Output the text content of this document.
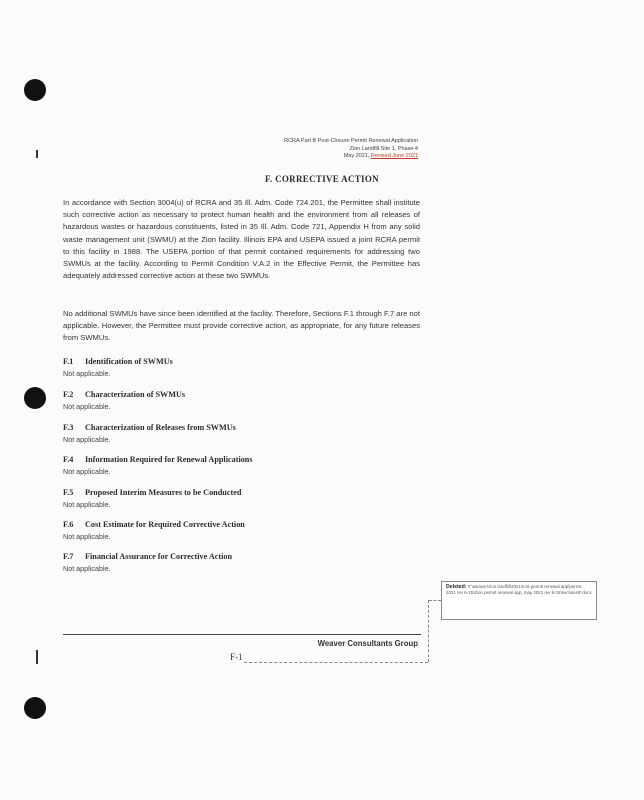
RCRA Part B Post-Closure Permit Renewal Application
Zion Landfill Site 1, Phase 4
May 2021, Revised June 2021
F. CORRECTIVE ACTION
In accordance with Section 3004(u) of RCRA and 35 Ill. Adm. Code 724.201, the Permittee shall institute such corrective action as necessary to protect human health and the environment from all releases of hazardous wastes or hazardous constituents, listed in 35 Ill. Adm. Code 721, Appendix H from any solid waste management unit (SWMU) at the Zion facility. Illinois EPA and USEPA issued a joint RCRA permit to this facility in 1988. The USEPA portion of that permit contained requirements for addressing two SWMUs at the facility. According to Permit Condition V.A.2 in the Effective Permit, the Permittee has adequately addressed corrective action at these two SWMUs.
No additional SWMUs have since been identified at the facility. Therefore, Sections F.1 through F.7 are not applicable. However, the Permittee must provide corrective action, as appropriate, for any future releases from SWMUs.
F.1 Identification of SWMUs
Not applicable.
F.2 Characterization of SWMUs
Not applicable.
F.3 Characterization of Releases from SWMUs
Not applicable.
F.4 Information Required for Renewal Applications
Not applicable.
F.5 Proposed Interim Measures to be Conducted
Not applicable.
F.6 Cost Estimate for Required Corrective Action
Not applicable.
F.7 Financial Assurance for Corrective Action
Not applicable.
Deleted: Y:\weaver\zion landfill\2021\rcra permit renewal app\permit 2021 rev 6-15\Zion permit renewal app_may 2021 rev 6-15\sections\F.docx
Weaver Consultants Group
F-1
